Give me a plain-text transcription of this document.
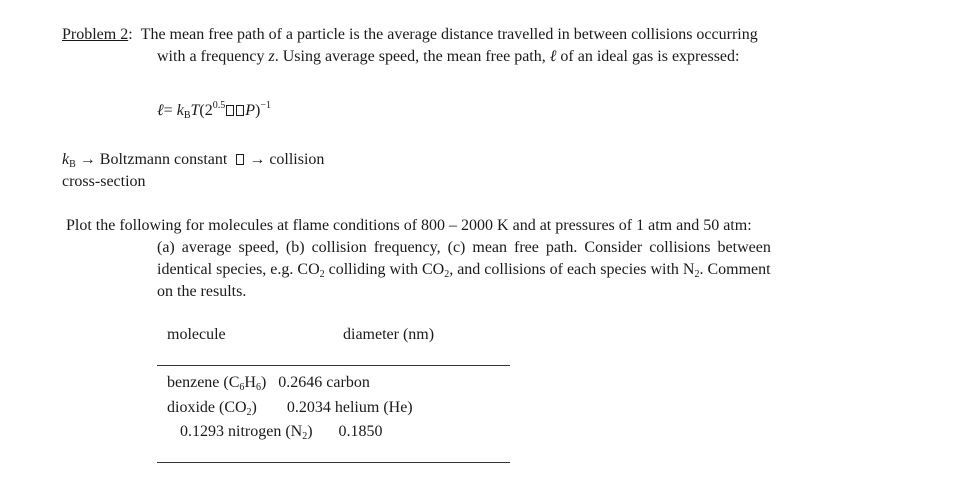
Problem 2: The mean free path of a particle is the average distance travelled in between collisions occurring
with a frequency z. Using average speed, the mean free path, ℓ of an ideal gas is expressed:
ℓ= $k_BT(2^{0.5}$ P)$^{-1}$
$k_B$ → Boltzmann constant   → collision
cross-section
Plot the following for molecules at flame conditions of 800 – 2000 K and at pressures of 1 atm and 50 atm:
(a) average speed, (b) collision frequency, (c) mean free path. Consider collisions between
identical species, e.g. $CO_2$ colliding with $CO_2$, and collisions of each species with $N_2$. Comment
on the results.
molecule	diameter (nm)
benzene $(C_6H_6)$ 0.2646 carbon
dioxide $(CO_2)$ 0.2034 helium (He)
0.1293 nitrogen $(N_2)$ 0.1850
